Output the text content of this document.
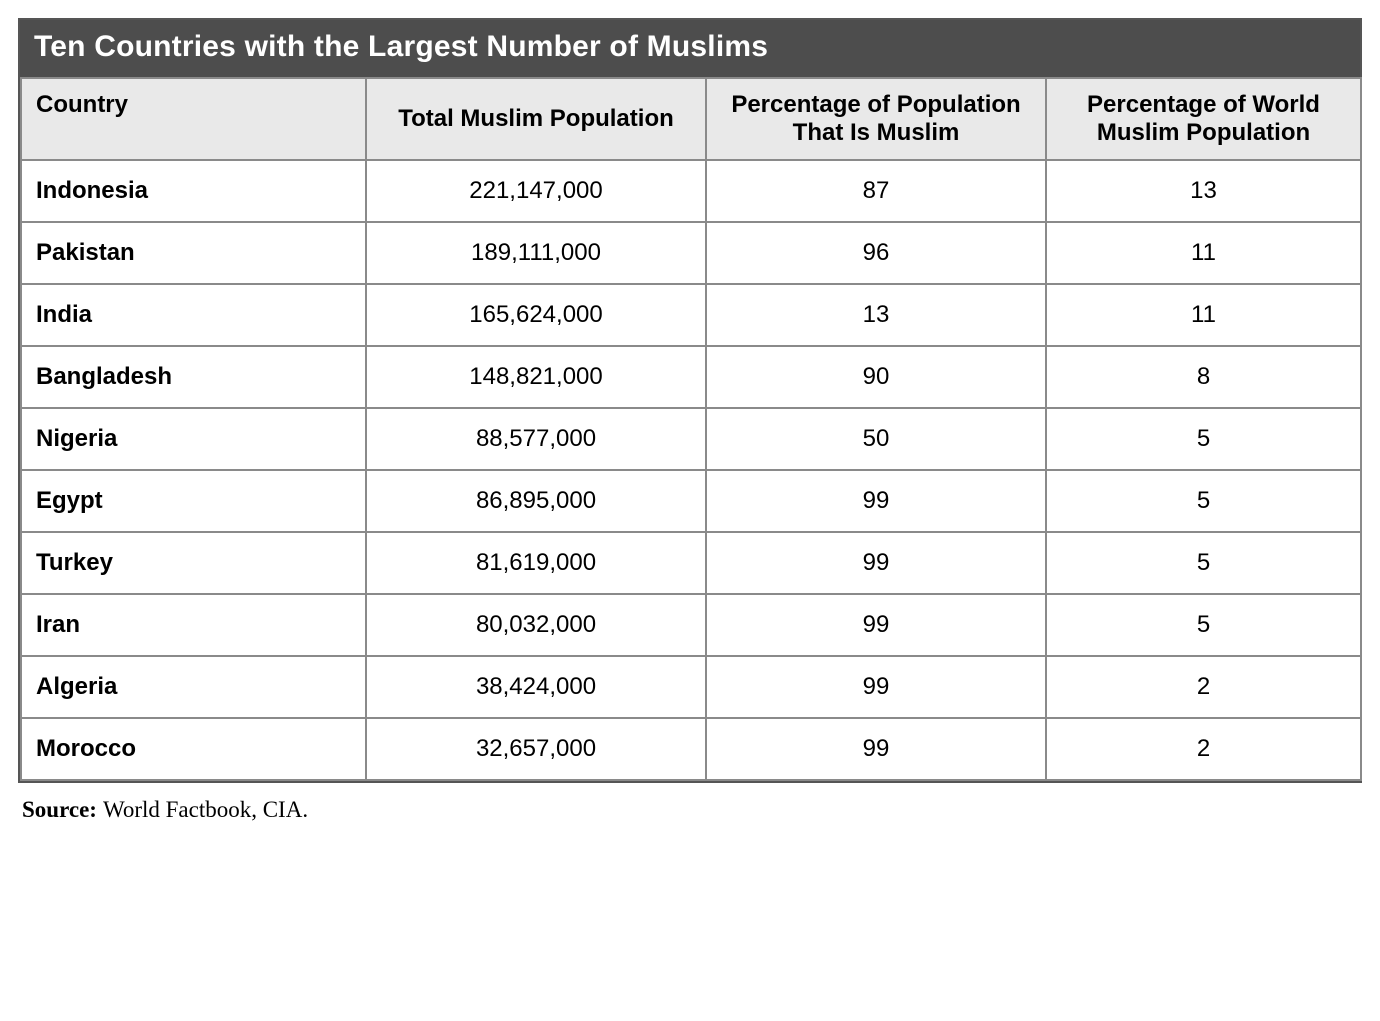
Ten Countries with the Largest Number of Muslims
Country	Total Muslim Population	Percentage of Population That Is Muslim	Percentage of World Muslim Population
Indonesia	221,147,000	87	13
Pakistan	189,111,000	96	11
India	165,624,000	13	11
Bangladesh	148,821,000	90	8
Nigeria	88,577,000	50	5
Egypt	86,895,000	99	5
Turkey	81,619,000	99	5
Iran	80,032,000	99	5
Algeria	38,424,000	99	2
Morocco	32,657,000	99	2
Source: World Factbook, CIA.
